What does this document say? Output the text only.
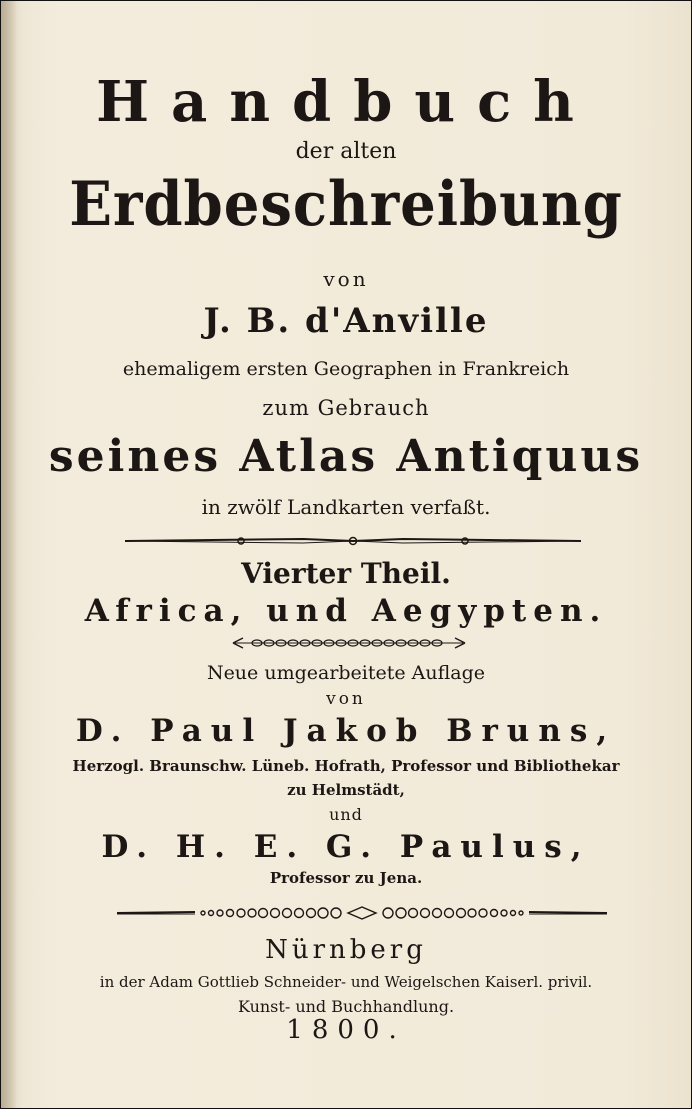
Handbuch
der alten
Erdbeschreibung
von
J. B. d'Anville
ehemaligem ersten Geographen in Frankreich
zum Gebrauch
seines Atlas Antiquus
in zwölf Landkarten verfaßt.
Vierter Theil.
Africa, und Aegypten.
Neue umgearbeitete Auflage
von
D. Paul Jakob Bruns,
Herzogl. Braunschw. Lüneb. Hofrath, Professor und Bibliothekar
zu Helmstädt,
und
D. H. E. G. Paulus,
Professor zu Jena.
Nürnberg
in der Adam Gottlieb Schneider- und Weigelschen Kaiserl. privil.
Kunst- und Buchhandlung.
1800.
